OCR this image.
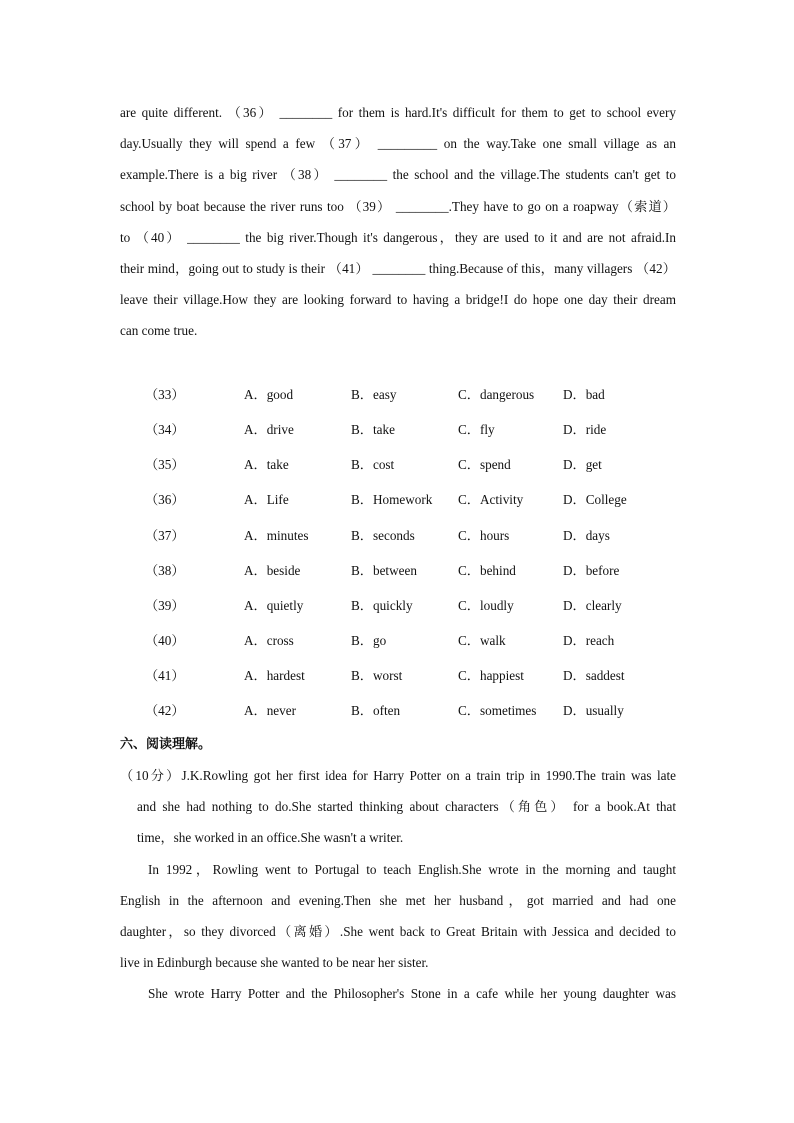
are quite different. （36） ________ for them is hard.It's difficult for them to get to school every
day.Usually they will spend a few （37） _________ on the way.Take one small village as an
example.There is a big river （38） ________ the school and the village.The students can't get to
school by boat because the river runs too （39） ________.They have to go on a roapway（索道）
to （40） ________ the big river.Though it's dangerous，they are used to it and are not afraid.In
their mind，going out to study is their （41） ________ thing.Because of this，many villagers （42）
leave their village.How they are looking forward to having a bridge!I do hope one day their dream
can come true.
（33）	A．good	B．easy	C．dangerous D．bad
（34）	A．drive	B．take	C．fly	D．ride
（35）	A．take	B．cost	C．spend	D．get
（36）	A．Life	B．Homework C．Activity	D．College
（37）	A．minutes	B．seconds	C．hours	D．days
（38）	A．beside	B．between	C．behind	D．before
（39）	A．quietly	B．quickly	C．loudly	D．clearly
（40）	A．cross	B．go	C．walk	D．reach
（41）	A．hardest	B．worst	C．happiest	D．saddest
（42）	A．never	B．often	C．sometimes D．usually
六、阅读理解。
（10分）J.K.Rowling got her first idea for Harry Potter on a train trip in 1990.The train was late
and she had nothing to do.She started thinking about characters（角色） for a book.At that
time，she worked in an office.She wasn't a writer.
In 1992，Rowling went to Portugal to teach English.She wrote in the morning and taught
English in the afternoon and evening.Then she met her husband，got married and had one
daughter，so they divorced（离婚）.She went back to Great Britain with Jessica and decided to
live in Edinburgh because she wanted to be near her sister.
She wrote Harry Potter and the Philosopher's Stone in a cafe while her young daughter was
